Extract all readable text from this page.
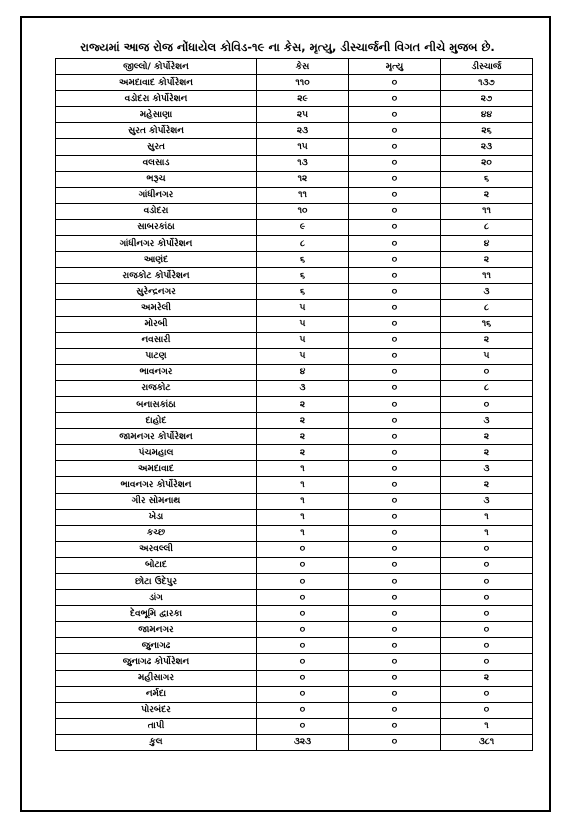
રાજ્યમાં આજ રોજ નોંધાયેલ કોવિડ-૧૯ ના કેસ, મૃત્યુ, ડીસ્ચાર્જની વિગત નીચે મુજબ છે.
જીલ્લો/ કોર્પોરેશન	કેસ	મૃત્યુ	ડીસ્ચાર્જ
અમદાવાદ કોર્પોરેશન	૧૧૦	૦	૧૩૭
વડોદરા કોર્પોરેશન	૨૯	૦	૨૭
મહેસાણા	૨૫	૦	૪૪
સુરત કોર્પોરેશન	૨૩	૦	૨૬
સુરત	૧૫	૦	૨૩
વલસાડ	૧૩	૦	૨૦
ભરૂચ	૧૨	૦	૬
ગાંધીનગર	૧૧	૦	૨
વડોદરા	૧૦	૦	૧૧
સાબરકાંઠા	૯	૦	૮
ગાંધીનગર કોર્પોરેશન	૮	૦	૪
આણંદ	૬	૦	૨
રાજકોટ કોર્પોરેશન	૬	૦	૧૧
સુરેન્દ્રનગર	૬	૦	૩
અમરેલી	૫	૦	૮
મોરબી	૫	૦	૧૬
નવસારી	૫	૦	૨
પાટણ	૫	૦	૫
ભાવનગર	૪	૦	૦
રાજકોટ	૩	૦	૮
બનાસકાંઠા	૨	૦	૦
દાહોદ	૨	૦	૩
જામનગર કોર્પોરેશન	૨	૦	૨
પંચમહાલ	૨	૦	૨
અમદાવાદ	૧	૦	૩
ભાવનગર કોર્પોરેશન	૧	૦	૨
ગીર સોમનાથ	૧	૦	૩
ખેડા	૧	૦	૧
કચ્છ	૧	૦	૧
અરવલ્લી	૦	૦	૦
બોટાદ	૦	૦	૦
છોટા ઉદેપુર	૦	૦	૦
ડાંગ	૦	૦	૦
દેવભૂમિ દ્વારકા	૦	૦	૦
જામનગર	૦	૦	૦
જુનાગઢ	૦	૦	૦
જુનાગઢ કોર્પોરેશન	૦	૦	૦
મહીસાગર	૦	૦	૨
નર્મદા	૦	૦	૦
પોરબંદર	૦	૦	૦
તાપી	૦	૦	૧
કુલ	૩૨૩	૦	૩૮૧
